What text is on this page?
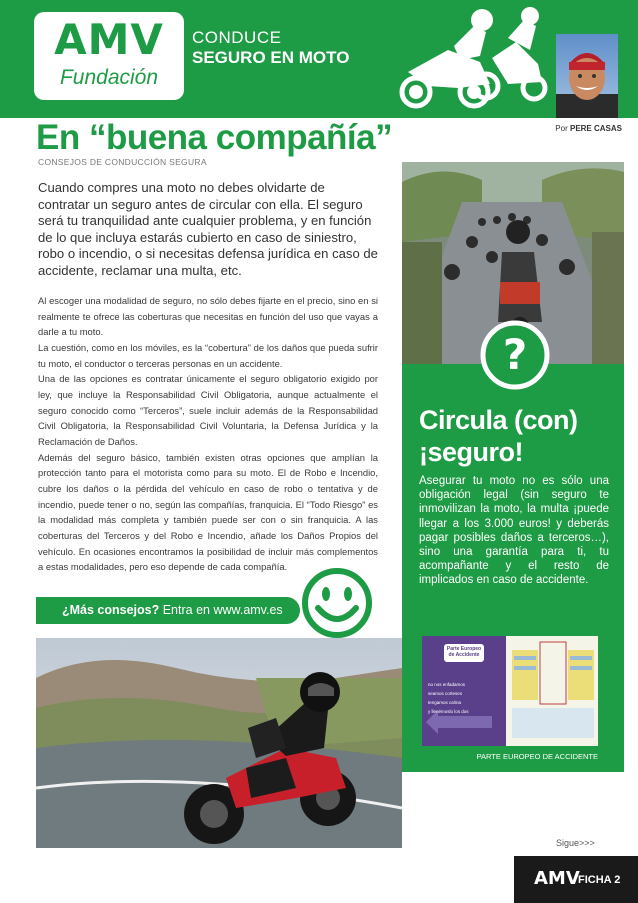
AMV
Fundación
CONDUCE
SEGURO EN MOTO
Por PERE CASAS
En “buena compañía”
CONSEJOS DE CONDUCCIÓN SEGURA
Cuando compres una moto no debes olvidarte de contratar un seguro antes de circular con ella. El seguro será tu tranquilidad ante cualquier problema, y en función de lo que incluya estarás cubierto en caso de siniestro, robo o incendio, o si necesitas defensa jurídica en caso de accidente, reclamar una multa, etc.

Al escoger una modalidad de seguro, no sólo debes fijarte en el precio, sino en si realmente te ofrece las coberturas que necesitas en función del uso que vayas a darle a tu moto.

La cuestión, como en los móviles, es la “cobertura” de los daños que pueda sufrir tu moto, el conductor o terceras personas en un accidente.

Una de las opciones es contratar únicamente el seguro obligatorio exigido por ley, que incluye la Responsabilidad Civil Obligatoria, aunque actualmente el seguro conocido como “Terceros”, suele incluir además de la Responsabilidad Civil Obligatoria, la Responsabilidad Civil Voluntaria, la Defensa Jurídica y la Reclamación de Daños.

Además del seguro básico, también existen otras opciones que amplían la protección tanto para el motorista como para su moto. El de Robo e Incendio, cubre los daños o la pérdida del vehículo en caso de robo o tentativa y de incendio, puede tener o no, según las compañías, franquicia. El “Todo Riesgo” es la modalidad más completa y también puede ser con o sin franquicia. A las coberturas del Terceros y del Robo e Incendio, añade los Daños Propios del vehículo. En ocasiones encontramos la posibilidad de incluir más complementos a estas modalidades, pero eso depende de cada compañía.

¿Más consejos? Entra en www.amv.es
?
Circula (con) ¡seguro!
Asegurar tu moto no es sólo una obligación legal (sin seguro te inmovilizan la moto, la multa ¡puede llegar a los 3.000 euros! y deberás pagar posibles daños a terceros…), sino una garantía para ti, tu acompañante y el resto de implicados en caso de accidente.
Parte Europeo de Accidente
no nos enfadamos
seamos corteses
tengamos calma
y llenémoslo los dos
PARTE EUROPEO DE ACCIDENTE
Sigue>>>
AMV
FICHA 2
